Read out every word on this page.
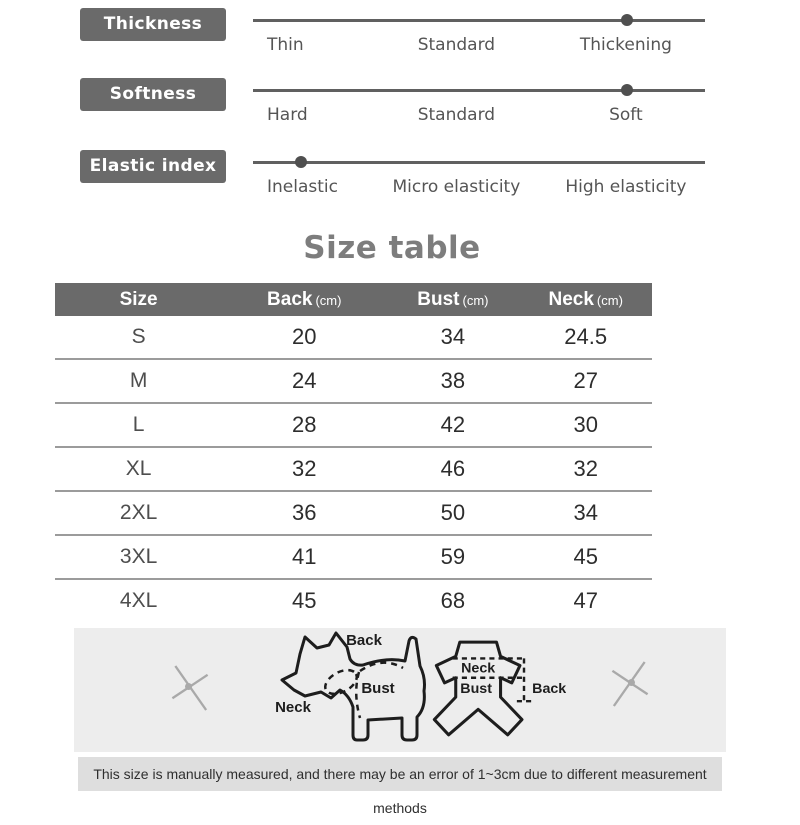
Thickness index
Thin	Standard	Thickening
Softness index
Hard	Standard	Soft
Elastic index
Inelastic	Micro elasticity	High elasticity
Size table
Size	Back (cm)	Bust (cm)	Neck (cm)
S	20	34	24.5
M	24	38	27
L	28	42	30
XL	32	46	32
2XL	36	50	34
3XL	41	59	45
4XL	45	68	47
Back
Neck
Bust
Neck
Bust	Back
This size is manually measured, and there may be an error of 1~3cm due to different measurement methods
